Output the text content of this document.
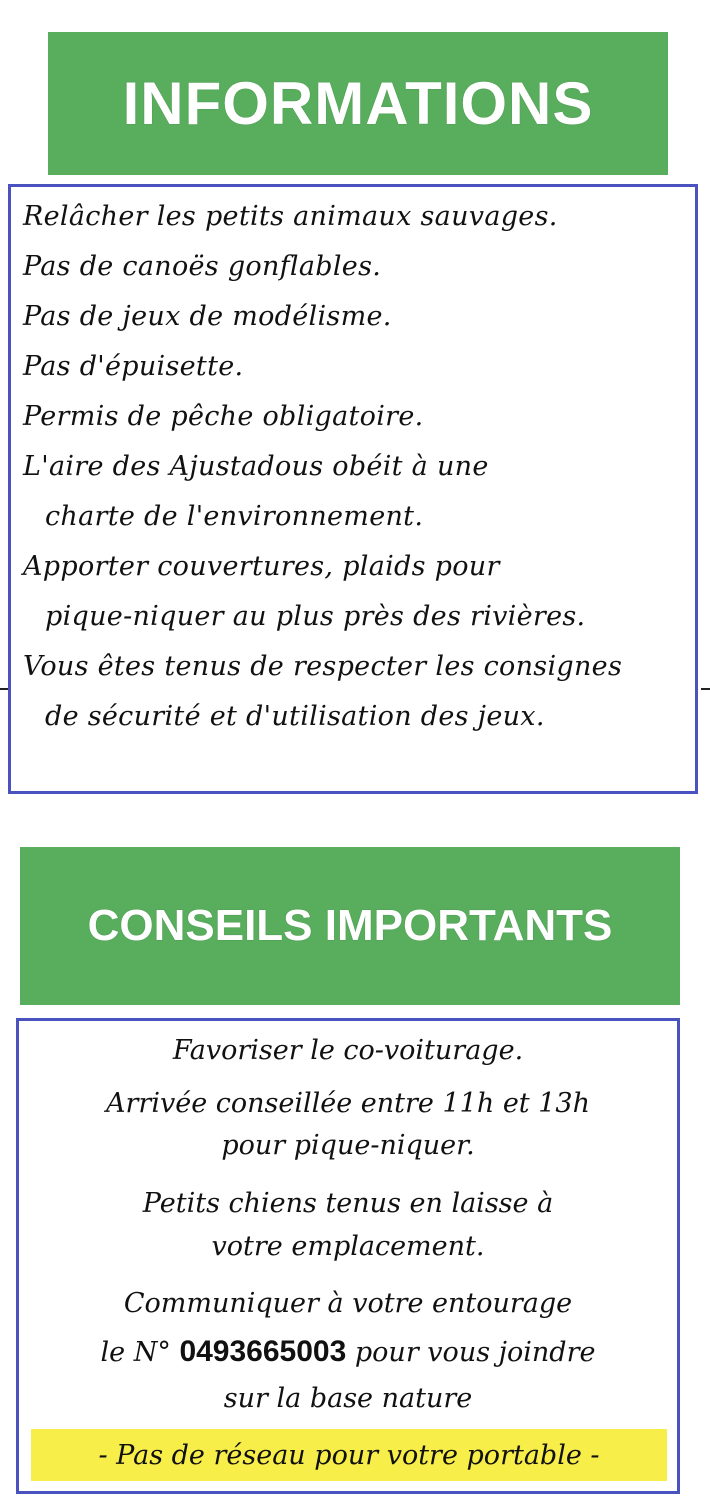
INFORMATIONS
Relâcher les petits animaux sauvages.
Pas de canoës gonflables.
Pas de jeux de modélisme.
Pas d'épuisette.
Permis de pêche obligatoire.
L'aire des Ajustadous obéit à une
charte de l'environnement.
Apporter couvertures, plaids pour
pique-niquer au plus près des rivières.
Vous êtes tenus de respecter les consignes
de sécurité et d'utilisation des jeux.
CONSEILS IMPORTANTS
Favoriser le co-voiturage.
Arrivée conseillée entre 11h et 13h
pour pique-niquer.
Petits chiens tenus en laisse à
votre emplacement.
Communiquer à votre entourage
le N° 0493665003 pour vous joindre
sur la base nature
- Pas de réseau pour votre portable -
